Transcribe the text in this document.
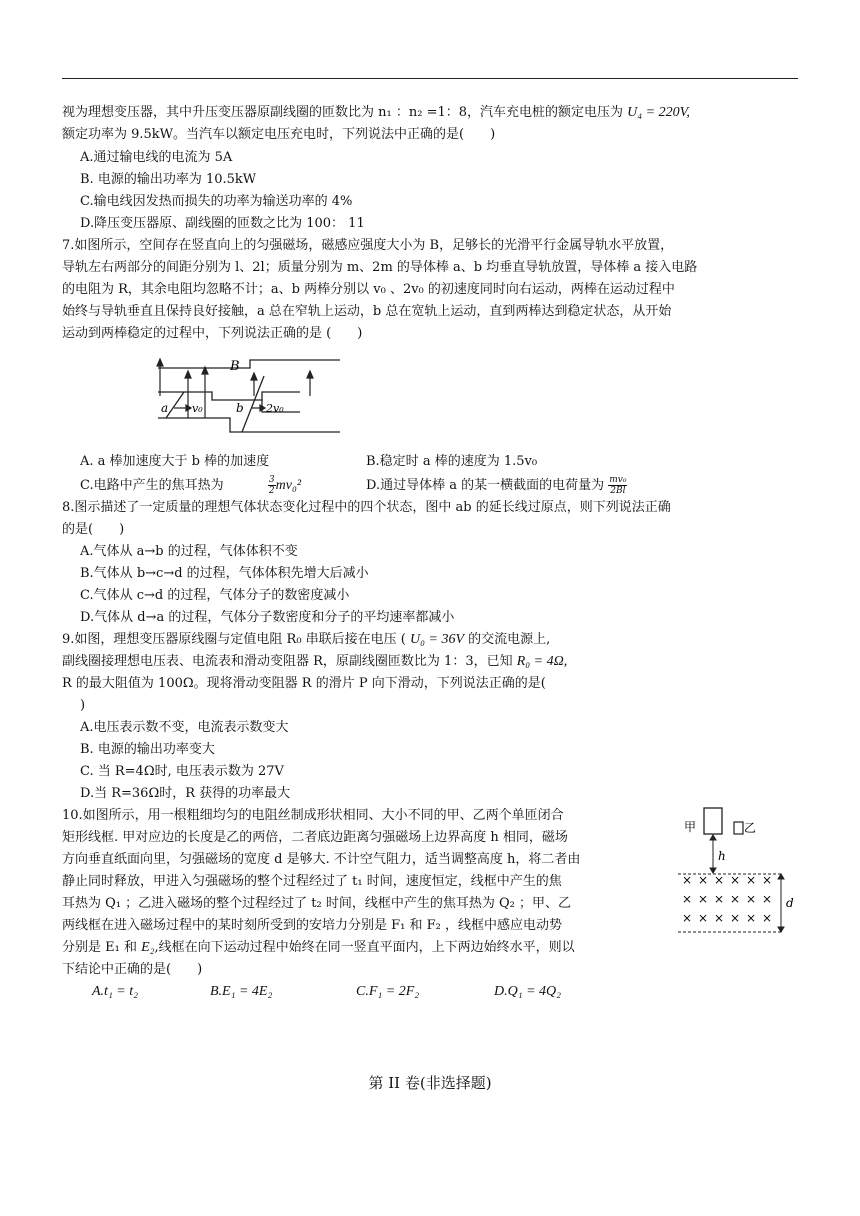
视为理想变压器，其中升压变压器原副线圈的匝数比为 n₁ ：n₂ =1：8，汽车充电桩的额定电压为 U₄ = 220V,
额定功率为 9.5kW。当汽车以额定电压充电时，下列说法中正确的是(　　)
A.通过输电线的电流为 5A
B. 电源的输出功率为 10.5kW
C.输电线因发热而损失的功率为输送功率的 4%
D.降压变压器原、副线圈的匝数之比为 100： 11
7.如图所示，空间存在竖直向上的匀强磁场，磁感应强度大小为 B，足够长的光滑平行金属导轨水平放置，
导轨左右两部分的间距分别为 l、2l；质量分别为 m、2m 的导体棒 a、b 均垂直导轨放置，导体棒 a 接入电路
的电阻为 R，其余电阻均忽略不计；a、b 两棒分别以 v₀ 、2v₀ 的初速度同时向右运动，两棒在运动过程中
始终与导轨垂直且保持良好接触，a 总在窄轨上运动，b 总在宽轨上运动，直到两棒达到稳定状态，从开始
运动到两棒稳定的过程中，下列说法正确的是 (　　)
B
a v₀	b 2v₀
A. a 棒加速度大于 b 棒的加速度	B.稳定时 a 棒的速度为 1.5v₀
C.电路中产生的焦耳热为	$\frac{3}{2} mv_0^2$	D.通过导体棒 a 的某一横截面的电荷量为 $\frac{\text{mv₀}}{2Bl}$
8.图示描述了一定质量的理想气体状态变化过程中的四个状态，图中 ab 的延长线过原点，则下列说法正确
的是(　　)
A.气体从 a→b 的过程，气体体积不变
B.气体从 b→c→d 的过程，气体体积先增大后减小
C.气体从 c→d 的过程，气体分子的数密度减小
D.气体从 d→a 的过程，气体分子数密度和分子的平均速率都减小
9.如图，理想变压器原线圈与定值电阻 R₀ 串联后接在电压 ( U₀ = 36V 的交流电源上,
副线圈接理想电压表、电流表和滑动变阻器 R，原副线圈匝数比为 1：3，已知 R₀ = 4Ω,
R 的最大阻值为 100Ω。现将滑动变阻器 R 的滑片 P 向下滑动，下列说法正确的是(
)
A.电压表示数不变，电流表示数变大
B. 电源的输出功率变大
C. 当 R=4Ω时, 电压表示数为 27V
D.当 R=36Ω时，R 获得的功率最大
10.如图所示，用一根粗细均匀的电阻丝制成形状相同、大小不同的甲、乙两个单匝闭合
矩形线框. 甲对应边的长度是乙的两倍，二者底边距离匀强磁场上边界高度 h 相同，磁场
方向垂直纸面向里，匀强磁场的宽度 d 是够大. 不计空气阻力，适当调整高度 h，将二者由
静止同时释放，甲进入匀强磁场的整个过程经过了 t₁ 时间，速度恒定，线框中产生的焦
耳热为 Q₁ ；乙进入磁场的整个过程经过了 t₂ 时间，线框中产生的焦耳热为 Q₂ ；甲、乙
两线框在进入磁场过程中的某时刻所受到的安培力分别是 F₁ 和 F₂ ，线框中感应电动势
分别是 E₁ 和 E₂,线框在向下运动过程中始终在同一竖直平面内，上下两边始终水平，则以
下结论中正确的是(　　)
A.t₁ = t₂	B.E₁ = 4E₂	C.F₁ = 2F₂	D.Q₁ = 4Q₂
甲	乙
h
d
× × × × × ×
× × × × × ×
× × × × × ×
第 II 卷(非选择题)
